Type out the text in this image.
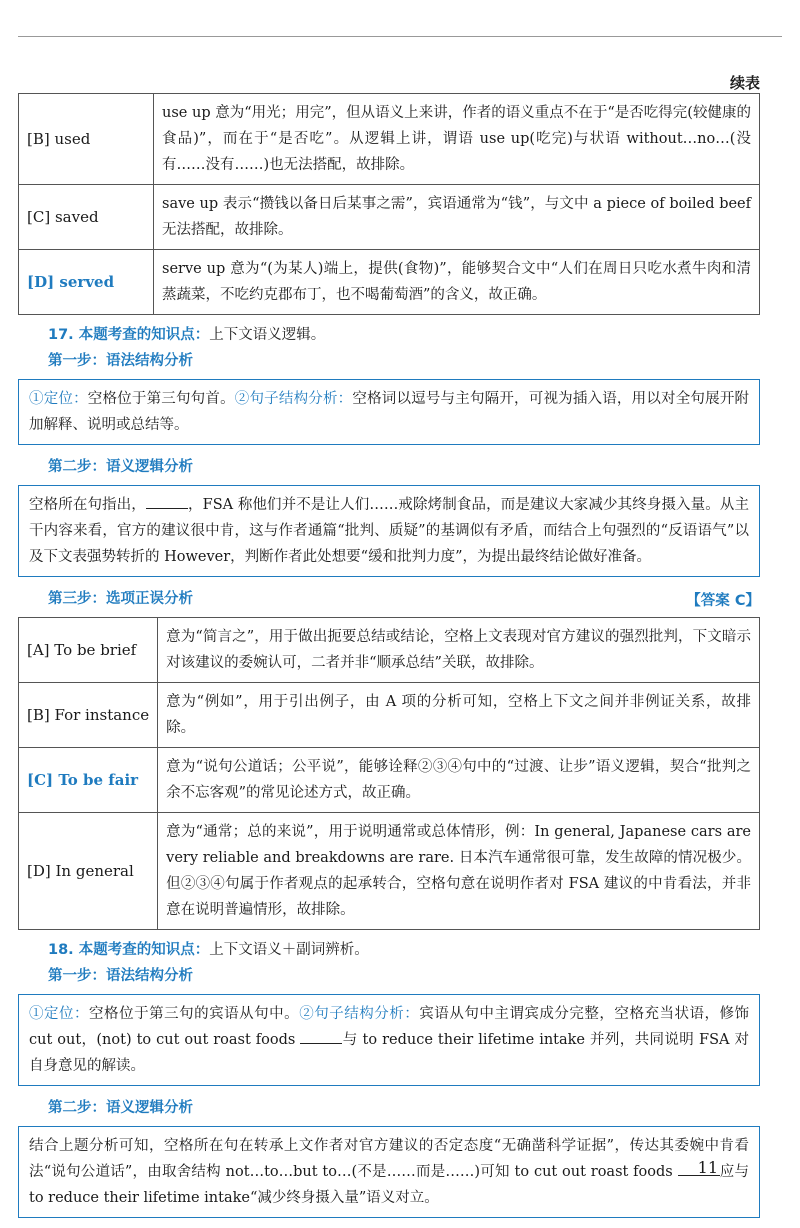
续表
[B] used	use up 意为“用光；用完”，但从语义上来讲，作者的语义重点不在于“是否吃得完(较健康的食品)”，而在于“是否吃”。从逻辑上讲，谓语 use up(吃完)与状语 without…no…(没有……没有……)也无法搭配，故排除。
[C] saved	save up 表示“攒钱以备日后某事之需”，宾语通常为“钱”，与文中 a piece of boiled beef 无法搭配，故排除。
[D] served	serve up 意为“(为某人)端上，提供(食物)”，能够契合文中“人们在周日只吃水煮牛肉和清蒸蔬菜，不吃约克郡布丁，也不喝葡萄酒”的含义，故正确。
17. 本题考查的知识点：上下文语义逻辑。
第一步：语法结构分析
①定位：空格位于第三句句首。②句子结构分析：空格词以逗号与主句隔开，可视为插入语，用以对全句展开附加解释、说明或总结等。
第二步：语义逻辑分析
空格所在句指出，	，FSA 称他们并不是让人们……戒除烤制食品，而是建议大家减少其终身摄入量。从主干内容来看，官方的建议很中肯，这与作者通篇“批判、质疑”的基调似有矛盾，而结合上句强烈的“反语语气”以及下文表强势转折的 However，判断作者此处想要“缓和批判力度”，为提出最终结论做好准备。
第三步：选项正误分析	【答案 C】
[A] To be brief	意为“简言之”，用于做出扼要总结或结论，空格上文表现对官方建议的强烈批判，下文暗示对该建议的委婉认可，二者并非“顺承总结”关联，故排除。
[B] For instance	意为“例如”，用于引出例子，由 A 项的分析可知，空格上下文之间并非例证关系，故排除。
[C] To be fair	意为“说句公道话；公平说”，能够诠释②③④句中的“过渡、让步”语义逻辑，契合“批判之余不忘客观”的常见论述方式，故正确。
[D] In general	意为“通常；总的来说”，用于说明通常或总体情形，例：In general, Japanese cars are very reliable and breakdowns are rare. 日本汽车通常很可靠，发生故障的情况极少。但②③④句属于作者观点的起承转合，空格句意在说明作者对 FSA 建议的中肯看法，并非意在说明普遍情形，故排除。
18. 本题考查的知识点：上下文语义＋副词辨析。
第一步：语法结构分析
①定位：空格位于第三句的宾语从句中。②句子结构分析：宾语从句中主谓宾成分完整，空格充当状语，修饰 cut out，(not) to cut out roast foods	与 to reduce their lifetime intake 并列，共同说明 FSA 对自身意见的解读。
第二步：语义逻辑分析
结合上题分析可知，空格所在句在转承上文作者对官方建议的否定态度“无确凿科学证据”，传达其委婉中肯看法“说句公道话”，由取舍结构 not…to…but to…(不是……而是……)可知 to cut out roast foods	应与 to reduce their lifetime intake“减少终身摄入量”语义对立。
11
